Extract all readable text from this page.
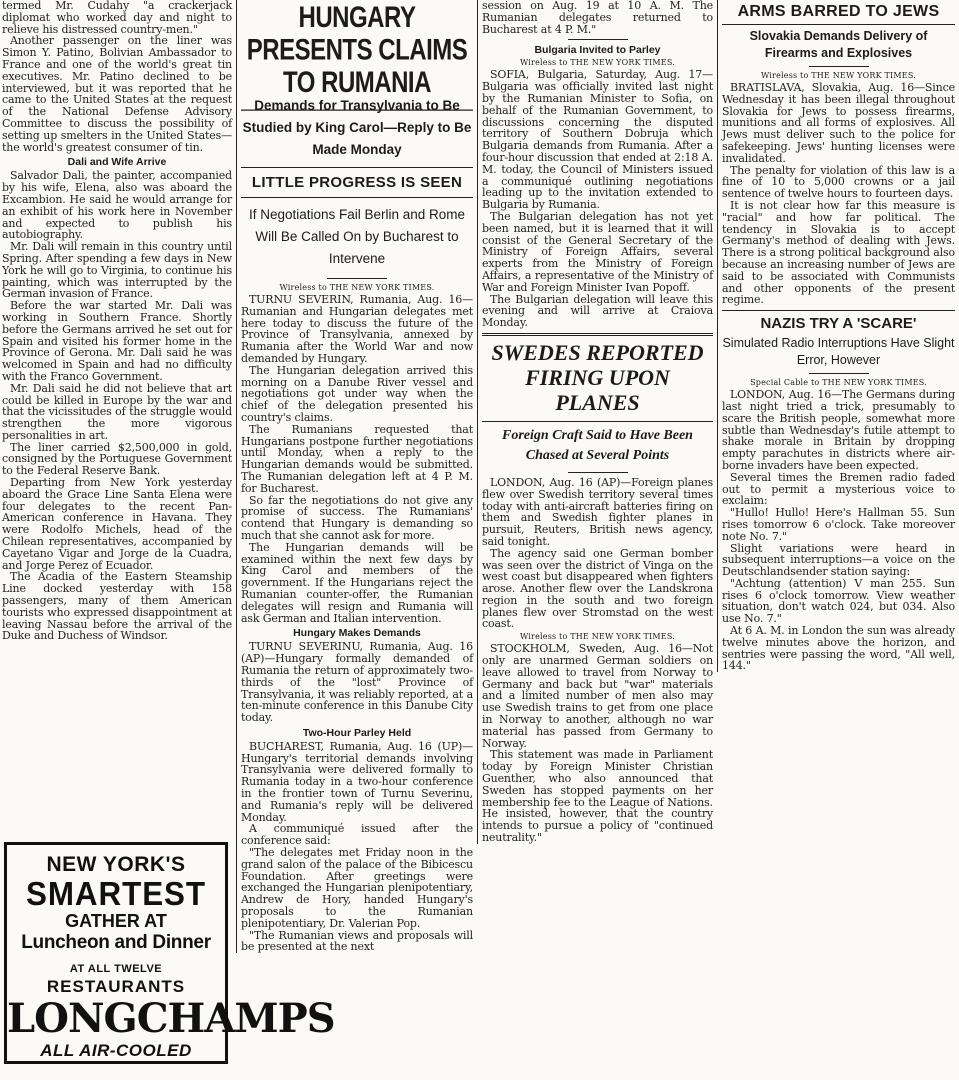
termed Mr. Cudahy "a crackerjack diplomat who worked day and night to relieve his distressed country-men."

Another passenger on the liner was Simon Y. Patino, Bolivian Ambassador to France and one of the world's great tin executives. Mr. Patino declined to be interviewed, but it was reported that he came to the United States at the request of the National Defense Advisory Committee to discuss the possibility of setting up smelters in the United States—the world's greatest consumer of tin.

Dali and Wife Arrive

Salvador Dali, the painter, accompanied by his wife, Elena, also was aboard the Excambion. He said he would arrange for an exhibit of his work here in November and expected to publish his autobiography.

Mr. Dali will remain in this country until Spring. After spending a few days in New York he will go to Virginia, to continue his painting, which was interrupted by the German invasion of France.

Before the war started Mr. Dali was working in Southern France. Shortly before the Germans arrived he set out for Spain and visited his former home in the Province of Gerona. Mr. Dali said he was welcomed in Spain and had no difficulty with the Franco Government.

Mr. Dali said he did not believe that art could be killed in Europe by the war and that the vicissitudes of the struggle would strengthen the more vigorous personalities in art.

The liner carried $2,500,000 in gold, consigned by the Portuguese Government to the Federal Reserve Bank.

Departing from New York yesterday aboard the Grace Line Santa Elena were four delegates to the recent Pan-American conference in Havana. They were Rodolfo Michels, head of the Chilean representatives, accompanied by Cayetano Vigar and Jorge de la Cuadra, and Jorge Perez of Ecuador.

The Acadia of the Eastern Steamship Line docked yesterday with 158 passengers, many of them American tourists who expressed disappointment at leaving Nassau before the arrival of the Duke and Duchess of Windsor.

NEW YORK'S
SMARTEST
GATHER AT
Luncheon and Dinner
AT ALL TWELVE
RESTAURANTS
LONGCHAMPS
ALL AIR-COOLED
HUNGARY PRESENTS CLAIMS TO RUMANIA
Demands for Transylvania to Be Studied by King Carol—Reply to Be Made Monday
LITTLE PROGRESS IS SEEN
If Negotiations Fail Berlin and Rome Will Be Called On by Bucharest to Intervene
Wireless to THE NEW YORK TIMES.

TURNU SEVERIN, Rumania, Aug. 16—Rumanian and Hungarian delegates met here today to discuss the future of the Province of Transylvania, annexed by Rumania after the World War and now demanded by Hungary.

The Hungarian delegation arrived this morning on a Danube River vessel and negotiations got under way when the chief of the delegation presented his country's claims.

The Rumanians requested that Hungarians postpone further negotiations until Monday, when a reply to the Hungarian demands would be submitted. The Rumanian delegation left at 4 P. M. for Bucharest.

So far the negotiations do not give any promise of success. The Rumanians' contend that Hungary is demanding so much that she cannot ask for more.

The Hungarian demands will be examined within the next few days by King Carol and members of the government. If the Hungarians reject the Rumanian counter-offer, the Rumanian delegates will resign and Rumania will ask German and Italian intervention.

Hungary Makes Demands

TURNU SEVERINU, Rumania, Aug. 16 (AP)—Hungary formally demanded of Rumania the return of approximately two-thirds of the "lost" Province of Transylvania, it was reliably reported, at a ten-minute conference in this Danube City today.

Two-Hour Parley Held

BUCHAREST, Rumania, Aug. 16 (UP)—Hungary's territorial demands involving Transylvania were delivered formally to Rumania today in a two-hour conference in the frontier town of Turnu Severinu, and Rumania's reply will be delivered Monday.

A communiqué issued after the conference said:

"The delegates met Friday noon in the grand salon of the palace of the Bibicescu Foundation. After greetings were exchanged the Hungarian plenipotentiary, Andrew de Hory, handed Hungary's proposals to the Rumanian plenipotentiary, Dr. Valerian Pop.

"The Rumanian views and proposals will be presented at the next

session on Aug. 19 at 10 A. M. The Rumanian delegates returned to Bucharest at 4 P. M."

Bulgaria Invited to Parley
Wireless to THE NEW YORK TIMES.

SOFIA, Bulgaria, Saturday, Aug. 17—Bulgaria was officially invited last night by the Rumanian Minister to Sofia, on behalf of the Rumanian Government, to discussions concerning the disputed territory of Southern Dobruja which Bulgaria demands from Rumania. After a four-hour discussion that ended at 2:18 A. M. today, the Council of Ministers issued a communiqué outlining negotiations leading up to the invitation extended to Bulgaria by Rumania.

The Bulgarian delegation has not yet been named, but it is learned that it will consist of the General Secretary of the Ministry of Foreign Affairs, several experts from the Ministry of Foreign Affairs, a representative of the Ministry of War and Foreign Minister Ivan Popoff.

The Bulgarian delegation will leave this evening and will arrive at Craiova Monday.

SWEDES REPORTED FIRING UPON PLANES
Foreign Craft Said to Have Been Chased at Several Points

LONDON, Aug. 16 (AP)—Foreign planes flew over Swedish territory several times today with anti-aircraft batteries firing on them and Swedish fighter planes in pursuit, Reuters, British news agency, said tonight.

The agency said one German bomber was seen over the district of Vinga on the west coast but disappeared when fighters arose. Another flew over the Landskrona region in the south and two foreign planes flew over Stromstad on the west coast.

Wireless to THE NEW YORK TIMES.

STOCKHOLM, Sweden, Aug. 16—Not only are unarmed German soldiers on leave allowed to travel from Norway to Germany and back but "war" materials and a limited number of men also may use Swedish trains to get from one place in Norway to another, although no war material has passed from Germany to Norway.

This statement was made in Parliament today by Foreign Minister Christian Guenther, who also announced that Sweden has stopped payments on her membership fee to the League of Nations. He insisted, however, that the country intends to pursue a policy of "continued neutrality."

ARMS BARRED TO JEWS
Slovakia Demands Delivery of Firearms and Explosives
Wireless to THE NEW YORK TIMES.

BRATISLAVA, Slovakia, Aug. 16—Since Wednesday it has been illegal throughout Slovakia for Jews to possess firearms, munitions and all forms of explosives. All Jews must deliver such to the police for safekeeping. Jews' hunting licenses were invalidated.

The penalty for violation of this law is a fine of 10 to 5,000 crowns or a jail sentence of twelve hours to fourteen days.

It is not clear how far this measure is "racial" and how far political. The tendency in Slovakia is to accept Germany's method of dealing with Jews. There is a strong political background also because an increasing number of Jews are said to be associated with Communists and other opponents of the present regime.

NAZIS TRY A 'SCARE'
Simulated Radio Interruptions Have Slight Error, However
Special Cable to THE NEW YORK TIMES.

LONDON, Aug. 16—The Germans during last night tried a trick, presumably to scare the British people, somewhat more subtle than Wednesday's futile attempt to shake morale in Britain by dropping empty parachutes in districts where air-borne invaders have been expected.

Several times the Bremen radio faded out to permit a mysterious voice to exclaim:

"Hullo! Hullo! Here's Hallman 55. Sun rises tomorrow 6 o'clock. Take moreover note No. 7."

Slight variations were heard in subsequent interruptions—a voice on the Deutschlandsender station saying:

"Achtung (attention) V man 255. Sun rises 6 o'clock tomorrow. View weather situation, don't watch 024, but 034. Also use No. 7."

At 6 A. M. in London the sun was already twelve minutes above the horizon, and sentries were passing the word, "All well, 144."
